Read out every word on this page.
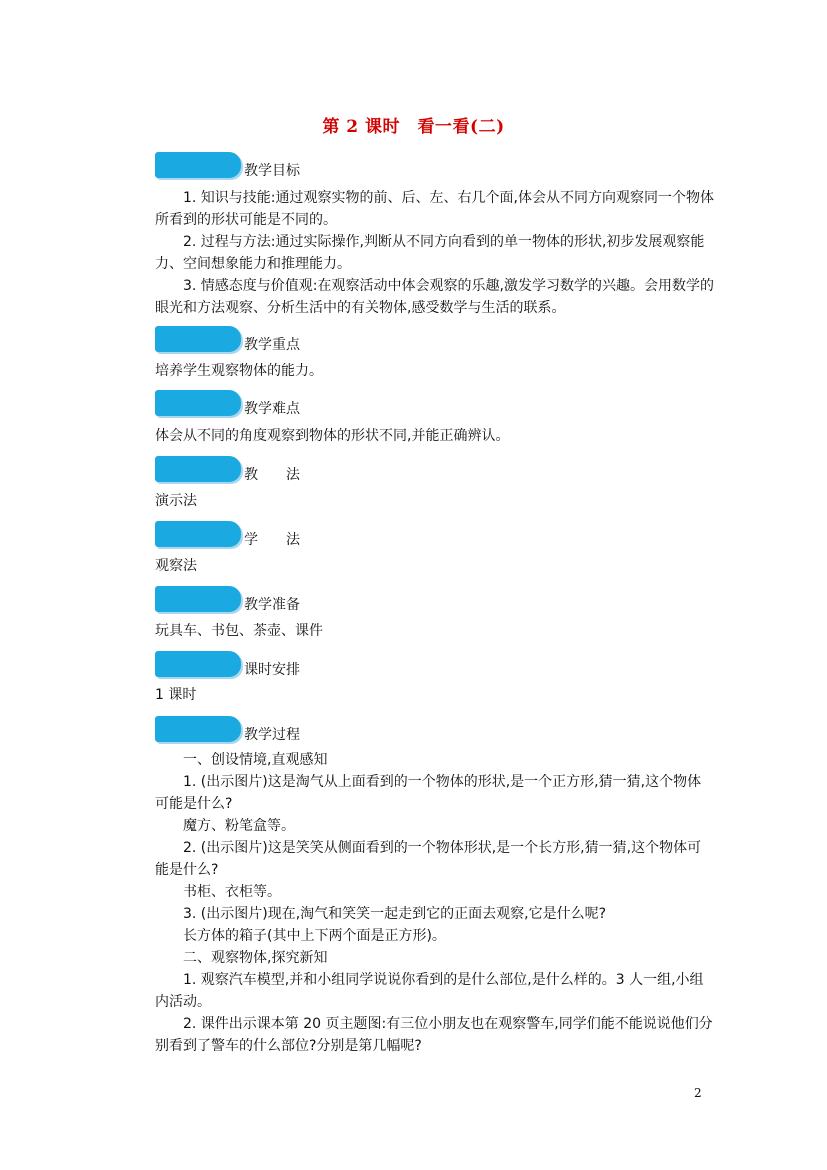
第 2 课时　看一看(二)
教学目标
1. 知识与技能:通过观察实物的前、后、左、右几个面,体会从不同方向观察同一个物体
所看到的形状可能是不同的。
2. 过程与方法:通过实际操作,判断从不同方向看到的单一物体的形状,初步发展观察能
力、空间想象能力和推理能力。
3. 情感态度与价值观:在观察活动中体会观察的乐趣,激发学习数学的兴趣。会用数学的
眼光和方法观察、分析生活中的有关物体,感受数学与生活的联系。
教学重点
培养学生观察物体的能力。
教学难点
体会从不同的角度观察到物体的形状不同,并能正确辨认。
教　　法
演示法
学　　法
观察法
教学准备
玩具车、书包、茶壶、课件
课时安排
1 课时
教学过程
一、创设情境,直观感知
1. (出示图片)这是淘气从上面看到的一个物体的形状,是一个正方形,猜一猜,这个物体
可能是什么?
魔方、粉笔盒等。
2. (出示图片)这是笑笑从侧面看到的一个物体形状,是一个长方形,猜一猜,这个物体可
能是什么?
书柜、衣柜等。
3. (出示图片)现在,淘气和笑笑一起走到它的正面去观察,它是什么呢?
长方体的箱子(其中上下两个面是正方形)。
二、观察物体,探究新知
1. 观察汽车模型,并和小组同学说说你看到的是什么部位,是什么样的。3 人一组,小组
内活动。
2. 课件出示课本第 20 页主题图:有三位小朋友也在观察警车,同学们能不能说说他们分
别看到了警车的什么部位?分别是第几幅呢?
2
